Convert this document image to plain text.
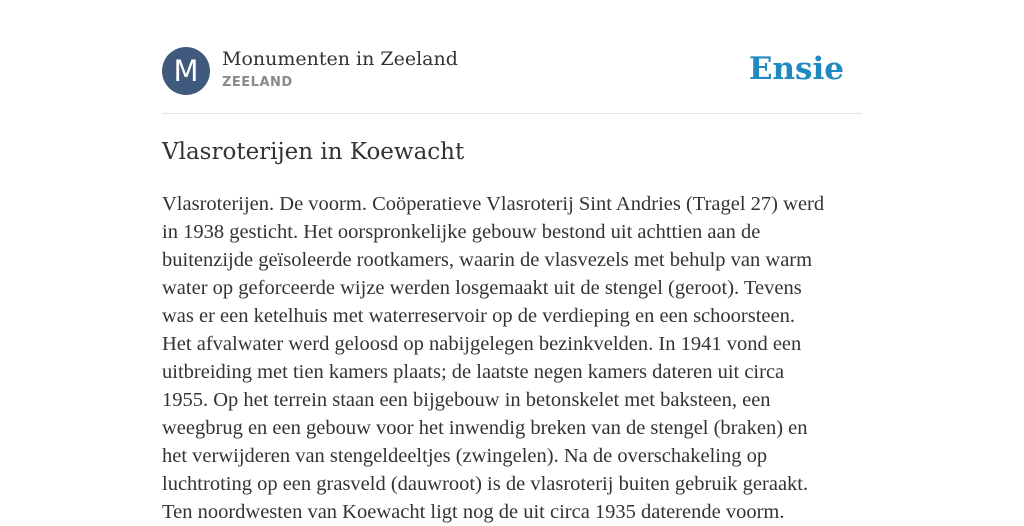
M	Monumenten in Zeeland
ZEELAND	Ensie
Vlasroterijen in Koewacht
Vlasroterijen. De voorm. Coöperatieve Vlasroterij Sint Andries (Tragel 27) werd
in 1938 gesticht. Het oorspronkelijke gebouw bestond uit achttien aan de
buitenzijde geïsoleerde rootkamers, waarin de vlasvezels met behulp van warm
water op geforceerde wijze werden losgemaakt uit de stengel (geroot). Tevens
was er een ketelhuis met waterreservoir op de verdieping en een schoorsteen.
Het afvalwater werd geloosd op nabijgelegen bezinkvelden. In 1941 vond een
uitbreiding met tien kamers plaats; de laatste negen kamers dateren uit circa
1955. Op het terrein staan een bijgebouw in betonskelet met baksteen, een
weegbrug en een gebouw voor het inwendig breken van de stengel (braken) en
het verwijderen van stengeldeeltjes (zwingelen). Na de overschakeling op
luchtroting op een grasveld (dauwroot) is de vlasroterij buiten gebruik geraakt.
Ten noordwesten van Koewacht ligt nog de uit circa 1935 daterende voorm.
